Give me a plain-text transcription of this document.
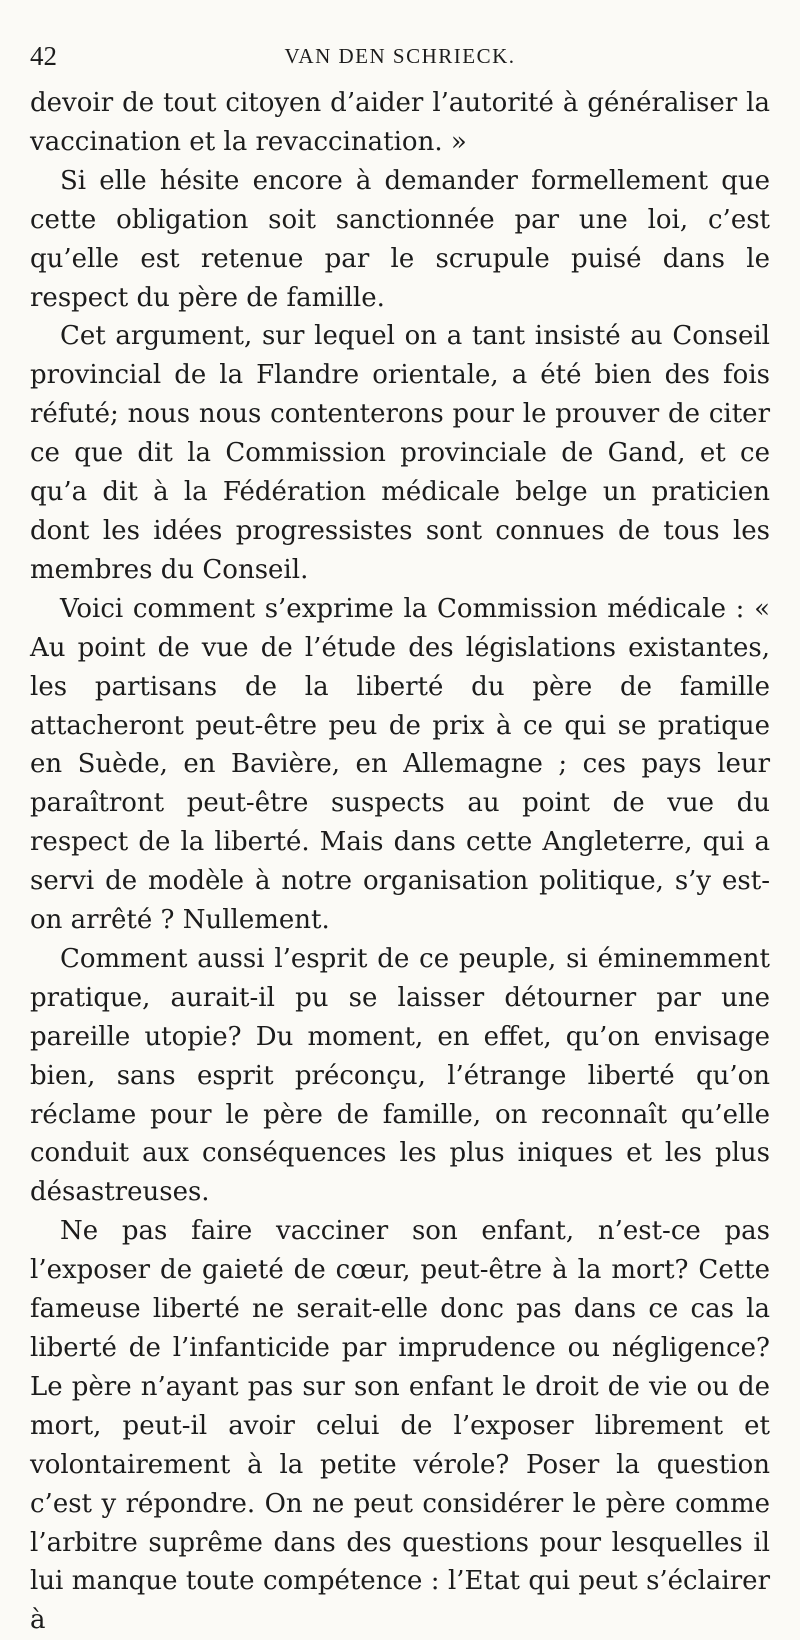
42	VAN DEN SCHRIECK.

devoir de tout citoyen d’aider l’autorité à généraliser la vaccination et la revaccination. »

Si elle hésite encore à demander formellement que cette obligation soit sanctionnée par une loi, c’est qu’elle est retenue par le scrupule puisé dans le respect du père de famille.

Cet argument, sur lequel on a tant insisté au Conseil provincial de la Flandre orientale, a été bien des fois réfuté; nous nous contenterons pour le prouver de citer ce que dit la Commission provinciale de Gand, et ce qu’a dit à la Fédération médicale belge un praticien dont les idées progressistes sont connues de tous les membres du Conseil.

Voici comment s’exprime la Commission médicale : « Au point de vue de l’étude des législations existantes, les partisans de la liberté du père de famille attacheront peut-être peu de prix à ce qui se pratique en Suède, en Bavière, en Allemagne ; ces pays leur paraîtront peut-être suspects au point de vue du respect de la liberté. Mais dans cette Angleterre, qui a servi de modèle à notre organisation politique, s’y est-on arrêté ? Nullement.

Comment aussi l’esprit de ce peuple, si éminemment pratique, aurait-il pu se laisser détourner par une pareille utopie? Du moment, en effet, qu’on envisage bien, sans esprit préconçu, l’étrange liberté qu’on réclame pour le père de famille, on reconnaît qu’elle conduit aux conséquences les plus iniques et les plus désastreuses.

Ne pas faire vacciner son enfant, n’est-ce pas l’exposer de gaieté de cœur, peut-être à la mort? Cette fameuse liberté ne serait-elle donc pas dans ce cas la liberté de l’infanticide par imprudence ou négligence? Le père n’ayant pas sur son enfant le droit de vie ou de mort, peut-il avoir celui de l’exposer librement et volontairement à la petite vérole? Poser la question c’est y répondre. On ne peut considérer le père comme l’arbitre suprême dans des questions pour lesquelles il lui manque toute compétence : l’Etat qui peut s’éclairer à
